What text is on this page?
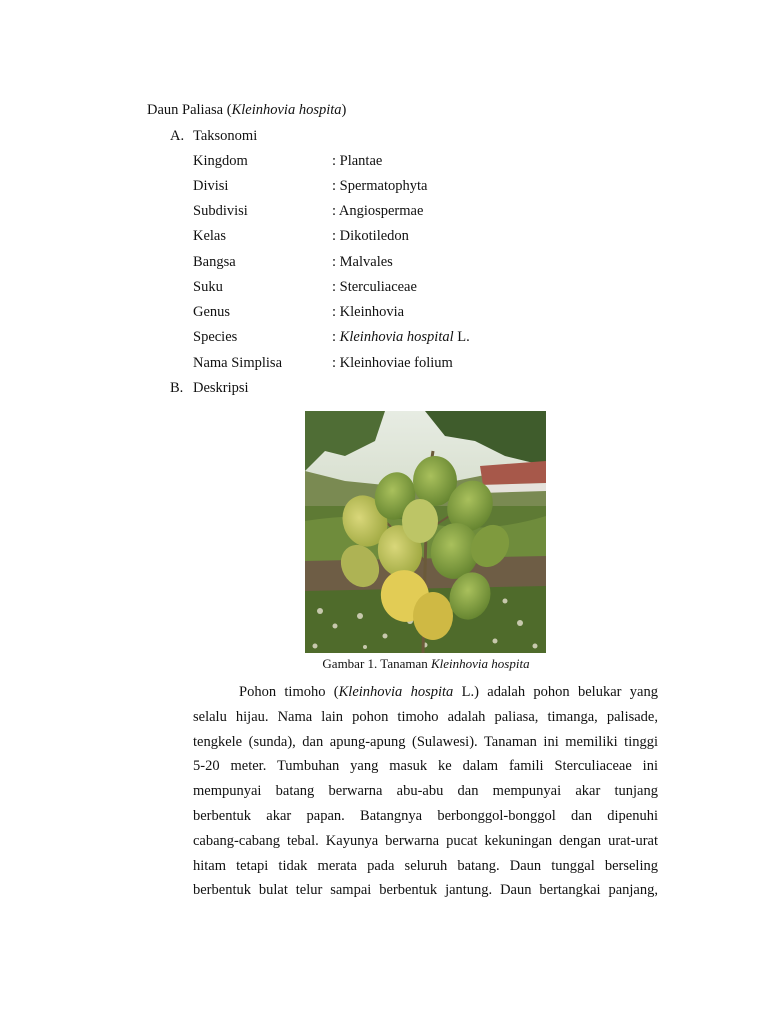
Daun Paliasa (Kleinhovia hospita)
A. Taksonomi
Kingdom	: Plantae
Divisi	: Spermatophyta
Subdivisi	: Angiospermae
Kelas	: Dikotiledon
Bangsa	: Malvales
Suku	: Sterculiaceae
Genus	: Kleinhovia
Species	: Kleinhovia hospital L.
Nama Simplisa	: Kleinhoviae folium
B. Deskripsi
Gambar 1. Tanaman Kleinhovia hospita
Pohon timoho (Kleinhovia hospita L.) adalah pohon belukar yang
selalu hijau. Nama lain pohon timoho adalah paliasa, timanga, palisade,
tengkele (sunda), dan apung-apung (Sulawesi). Tanaman ini memiliki tinggi
5-20 meter. Tumbuhan yang masuk ke dalam famili Sterculiaceae ini
mempunyai batang berwarna abu-abu dan mempunyai akar tunjang
berbentuk akar papan. Batangnya berbonggol-bonggol dan dipenuhi
cabang-cabang tebal. Kayunya berwarna pucat kekuningan dengan urat-urat
hitam tetapi tidak merata pada seluruh batang. Daun tunggal berseling
berbentuk bulat telur sampai berbentuk jantung. Daun bertangkai panjang,
